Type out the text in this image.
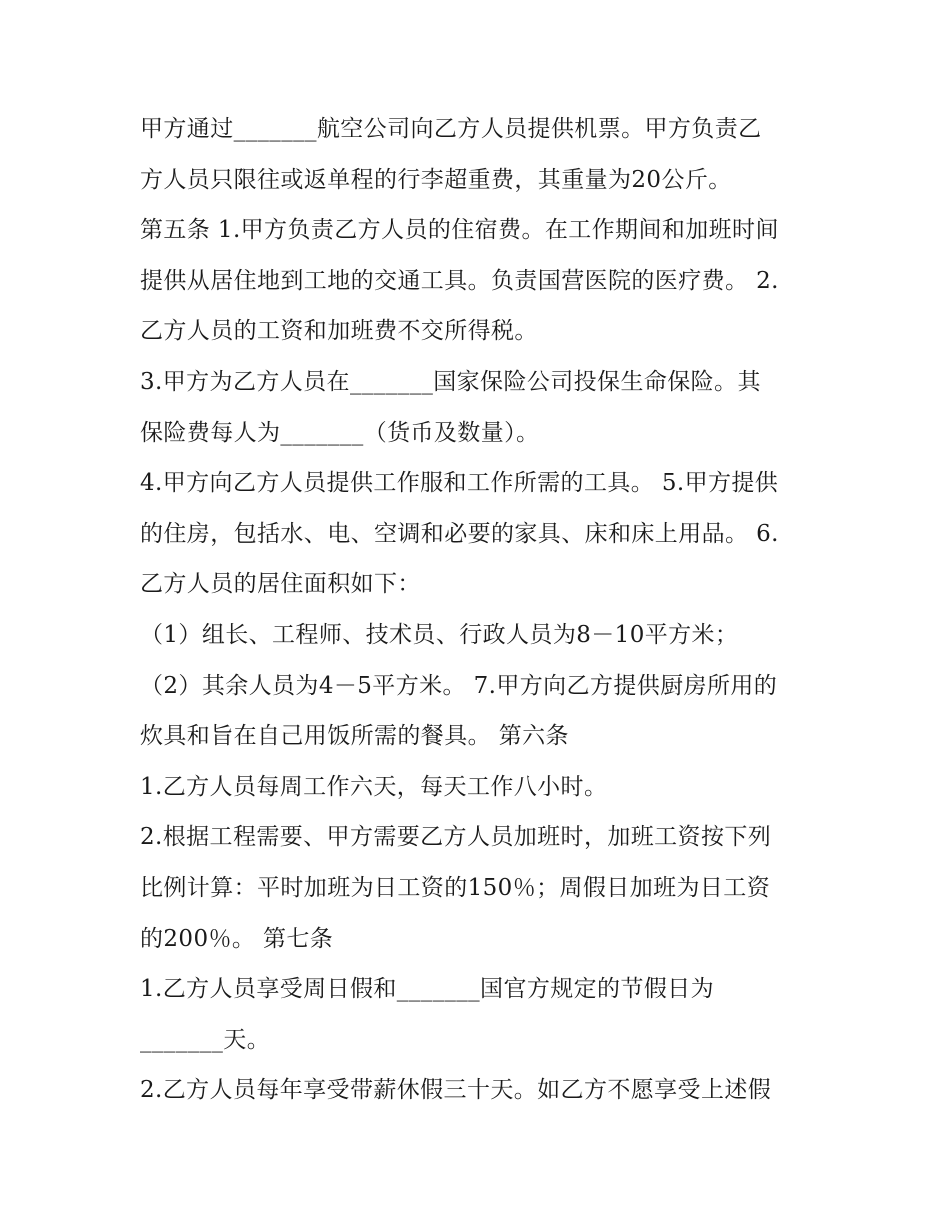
甲方通过_______航空公司向乙方人员提供机票。甲方负责乙
方人员只限往或返单程的行李超重费，其重量为20公斤。
第五条 1.甲方负责乙方人员的住宿费。在工作期间和加班时间
提供从居住地到工地的交通工具。负责国营医院的医疗费。 2.
乙方人员的工资和加班费不交所得税。
3.甲方为乙方人员在_______国家保险公司投保生命保险。其
保险费每人为_______（货币及数量）。
4.甲方向乙方人员提供工作服和工作所需的工具。 5.甲方提供
的住房，包括水、电、空调和必要的家具、床和床上用品。 6.
乙方人员的居住面积如下：
（1）组长、工程师、技术员、行政人员为8－10平方米；
（2）其余人员为4－5平方米。 7.甲方向乙方提供厨房所用的
炊具和旨在自己用饭所需的餐具。 第六条
1.乙方人员每周工作六天，每天工作八小时。
2.根据工程需要、甲方需要乙方人员加班时，加班工资按下列
比例计算：平时加班为日工资的150％；周假日加班为日工资
的200％。 第七条
1.乙方人员享受周日假和_______国官方规定的节假日为
_______天。
2.乙方人员每年享受带薪休假三十天。如乙方不愿享受上述假
